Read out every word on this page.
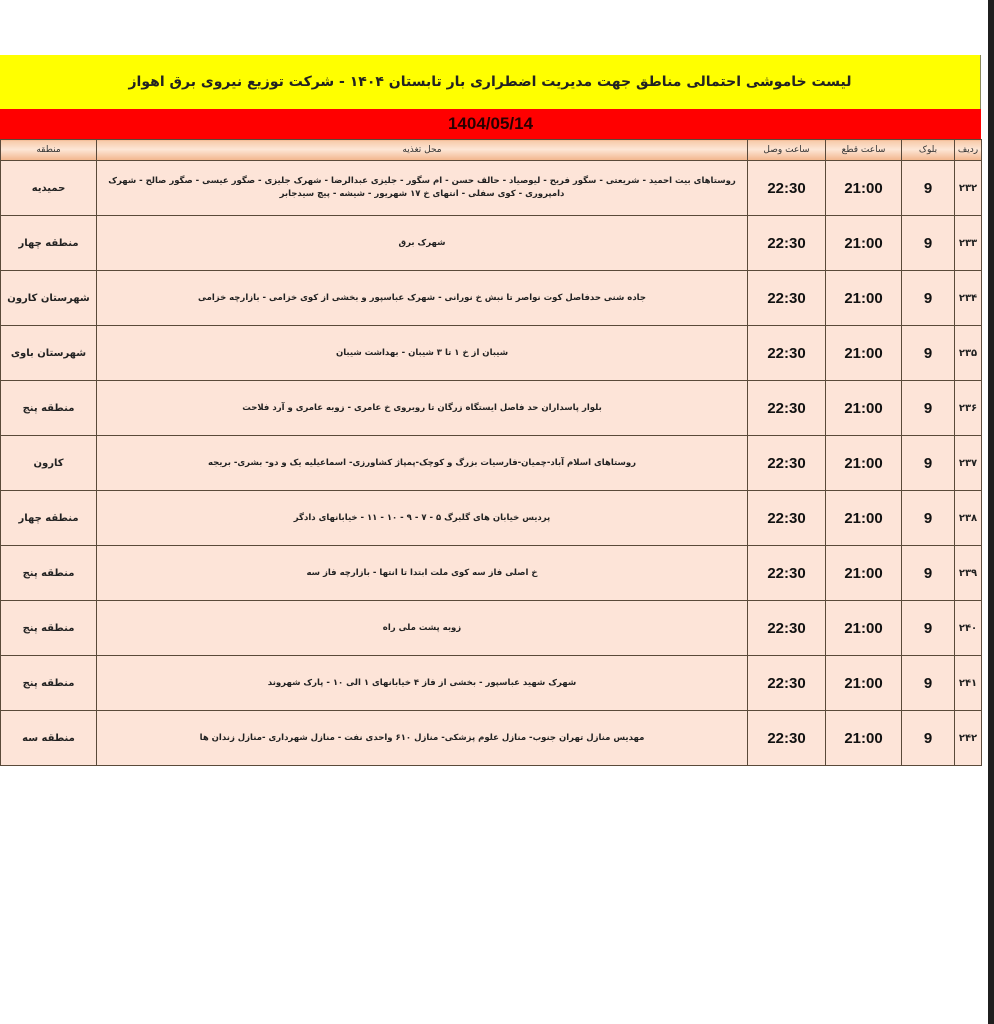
لیست خاموشی احتمالی مناطق جهت مدیریت اضطراری بار تابستان ۱۴۰۴ - شرکت توزیع نیروی برق اهواز
1404/05/14
ردیف	بلوک	ساعت قطع	ساعت وصل	محل تغذیه	منطقه
۲۳۲	9	21:00	22:30	روستاهای بیت احمید - شریعتی - سگور فریح - لیوصیاد - حالف حسن - ام سگور - جلیزی عبدالرضا - شهرک جلیزی - صگور عیسی - صگور صالح - شهرک دامپروری - کوی سفلی - انتهای خ ۱۷ شهریور - شیشه - پیچ سیدجابر	حمیدیه
۲۳۳	9	21:00	22:30	شهرک برق	منطقه چهار
۲۳۴	9	21:00	22:30	جاده شنی حدفاصل کوت نواصر تا نبش خ نورانی - شهرک عباسپور و بخشی از کوی خزامی - بازارچه خزامی	شهرستان کارون
۲۳۵	9	21:00	22:30	شیبان از خ ۱ تا ۳ شیبان - بهداشت شیبان	شهرستان باوی
۲۳۶	9	21:00	22:30	بلوار پاسداران حد فاصل ایستگاه زرگان تا روبروی خ عامری - زوبه عامری و آرد فلاحت	منطقه پنج
۲۳۷	9	21:00	22:30	روستاهای اسلام آباد-چمیان-فارسیات بزرگ و کوچک-پمپاژ کشاورزی- اسماعیلیه یک و دو- بشری- بریجه	کارون
۲۳۸	9	21:00	22:30	پردیس خیابان های گلبرگ ۵ - ۷ - ۹ - ۱۰ - ۱۱ - خیابانهای دادگر	منطقه چهار
۲۳۹	9	21:00	22:30	خ اصلی فاز سه کوی ملت ابتدا تا انتها - بازارچه فاز سه	منطقه پنج
۲۴۰	9	21:00	22:30	زوبه پشت ملی راه	منطقه پنج
۲۴۱	9	21:00	22:30	شهرک شهید عباسپور - بخشی از فاز ۴ خیابانهای ۱ الی ۱۰ - پارک شهروند	منطقه پنج
۲۴۲	9	21:00	22:30	مهدیس منازل تهران جنوب- منازل علوم پزشکی- منازل ۶۱۰ واحدی نفت - منازل شهرداری -منازل زندان ها	منطقه سه
